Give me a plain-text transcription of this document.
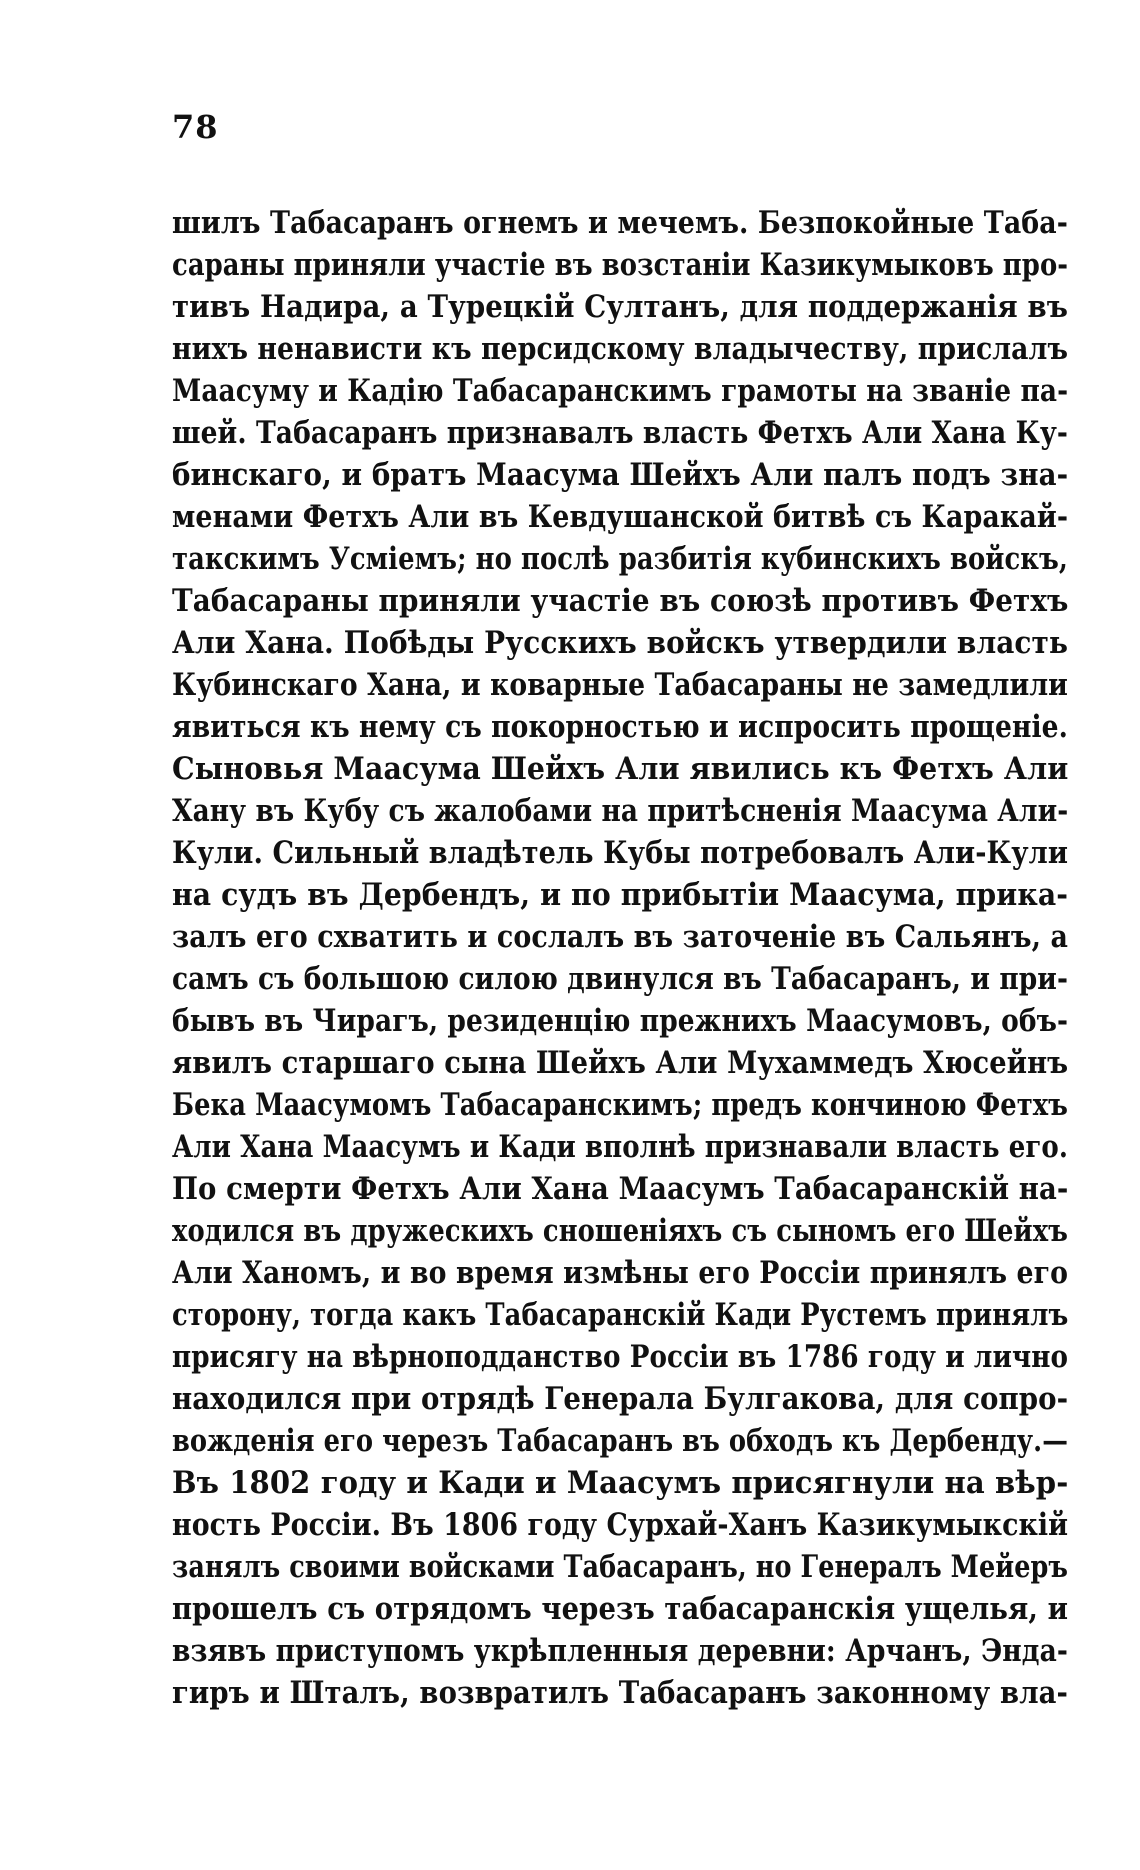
78
шилъ Табасаранъ огнемъ и мечемъ. Безпокойные Таба-
сараны приняли участіе въ возстаніи Казикумыковъ про-
тивъ Надира, а Турецкій Султанъ, для поддержанія въ
нихъ ненависти къ персидскому владычеству, прислалъ
Маасуму и Кадію Табасаранскимъ грамоты на званіе па-
шей. Табасаранъ признавалъ власть Фетхъ Али Хана Ку-
бинскаго, и братъ Маасума Шейхъ Али палъ подъ зна-
менами Фетхъ Али въ Кевдушанской битвѣ съ Каракай-
такскимъ Усміемъ; но послѣ разбитія кубинскихъ войскъ,
Табасараны приняли участіе въ союзѣ противъ Фетхъ
Али Хана. Побѣды Русскихъ войскъ утвердили власть
Кубинскаго Хана, и коварные Табасараны не замедлили
явиться къ нему съ покорностью и испросить прощеніе.
Сыновья Маасума Шейхъ Али явились къ Фетхъ Али
Хану въ Кубу съ жалобами на притѣсненія Маасума Али-
Кули. Сильный владѣтель Кубы потребовалъ Али-Кули
на судъ въ Дербендъ, и по прибытіи Маасума, прика-
залъ его схватить и сослалъ въ заточеніе въ Сальянъ, а
самъ съ большою силою двинулся въ Табасаранъ, и при-
бывъ въ Чирагъ, резиденцію прежнихъ Маасумовъ, объ-
явилъ старшаго сына Шейхъ Али Мухаммедъ Хюсейнъ
Бека Маасумомъ Табасаранскимъ; предъ кончиною Фетхъ
Али Хана Маасумъ и Кади вполнѣ признавали власть его.
По смерти Фетхъ Али Хана Маасумъ Табасаранскій на-
ходился въ дружескихъ сношеніяхъ съ сыномъ его Шейхъ
Али Ханомъ, и во время измѣны его Россіи принялъ его
сторону, тогда какъ Табасаранскій Кади Рустемъ принялъ
присягу на вѣрноподданство Россіи въ 1786 году и лично
находился при отрядѣ Генерала Булгакова, для сопро-
вожденія его черезъ Табасаранъ въ обходъ къ Дербенду.—
Въ 1802 году и Кади и Маасумъ присягнули на вѣр-
ность Россіи. Въ 1806 году Сурхай-Ханъ Казикумыкскій
занялъ своими войсками Табасаранъ, но Генералъ Мейеръ
прошелъ съ отрядомъ черезъ табасаранскія ущелья, и
взявъ приступомъ укрѣпленныя деревни: Арчанъ, Энда-
гиръ и Шталъ, возвратилъ Табасаранъ законному вла-
